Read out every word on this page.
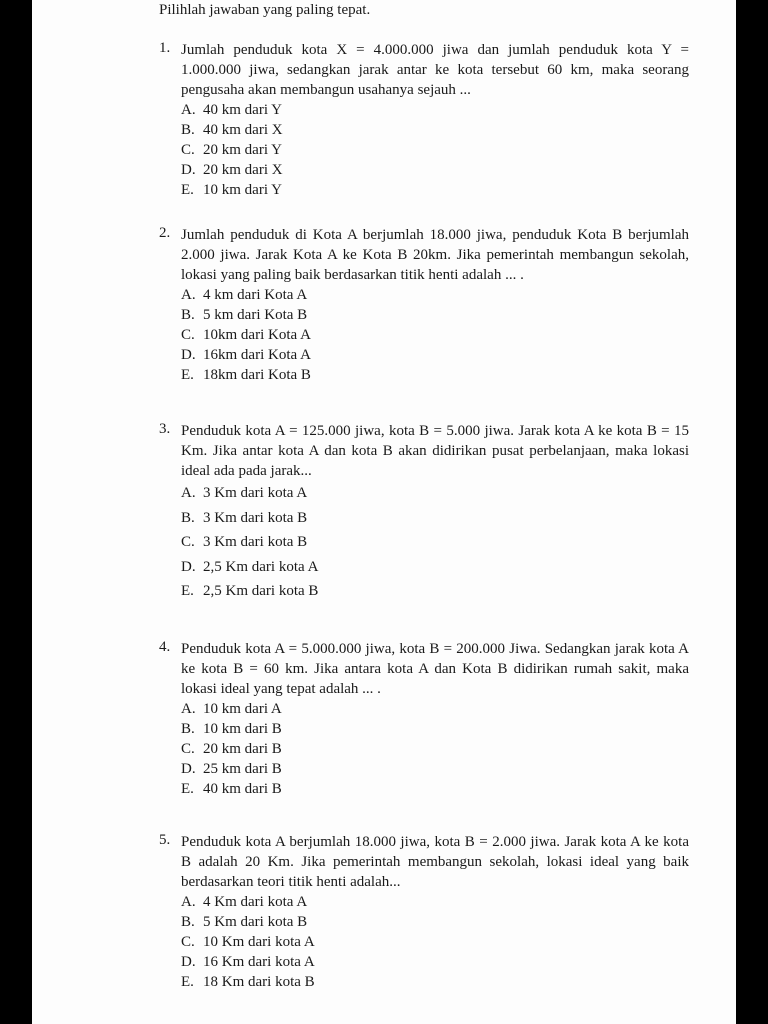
Pilihlah jawaban yang paling tepat.
1. Jumlah penduduk kota X = 4.000.000 jiwa dan jumlah penduduk kota Y = 1.000.000 jiwa, sedangkan jarak antar ke kota tersebut 60 km, maka seorang pengusaha akan membangun usahanya sejauh ...
A. 40 km dari Y
B. 40 km dari X
C. 20 km dari Y
D. 20 km dari X
E. 10 km dari Y
2. Jumlah penduduk di Kota A berjumlah 18.000 jiwa, penduduk Kota B berjumlah 2.000 jiwa. Jarak Kota A ke Kota B 20km. Jika pemerintah membangun sekolah, lokasi yang paling baik berdasarkan titik henti adalah ... .
A. 4 km dari Kota A
B. 5 km dari Kota B
C. 10km dari Kota A
D. 16km dari Kota A
E. 18km dari Kota B
3. Penduduk kota A = 125.000 jiwa, kota B = 5.000 jiwa. Jarak kota A ke kota B = 15 Km. Jika antar kota A dan kota B akan didirikan pusat perbelanjaan, maka lokasi ideal ada pada jarak...
A. 3 Km dari kota A
B. 3 Km dari kota B
C. 3 Km dari kota B
D. 2,5 Km dari kota A
E. 2,5 Km dari kota B
4. Penduduk kota A = 5.000.000 jiwa, kota B = 200.000 Jiwa. Sedangkan jarak kota A ke kota B = 60 km. Jika antara kota A dan Kota B didirikan rumah sakit, maka lokasi ideal yang tepat adalah ... .
A. 10 km dari A
B. 10 km dari B
C. 20 km dari B
D. 25 km dari B
E. 40 km dari B
5. Penduduk kota A berjumlah 18.000 jiwa, kota B = 2.000 jiwa. Jarak kota A ke kota B adalah 20 Km. Jika pemerintah membangun sekolah, lokasi ideal yang baik berdasarkan teori titik henti adalah...
A. 4 Km dari kota A
B. 5 Km dari kota B
C. 10 Km dari kota A
D. 16 Km dari kota A
E. 18 Km dari kota B
